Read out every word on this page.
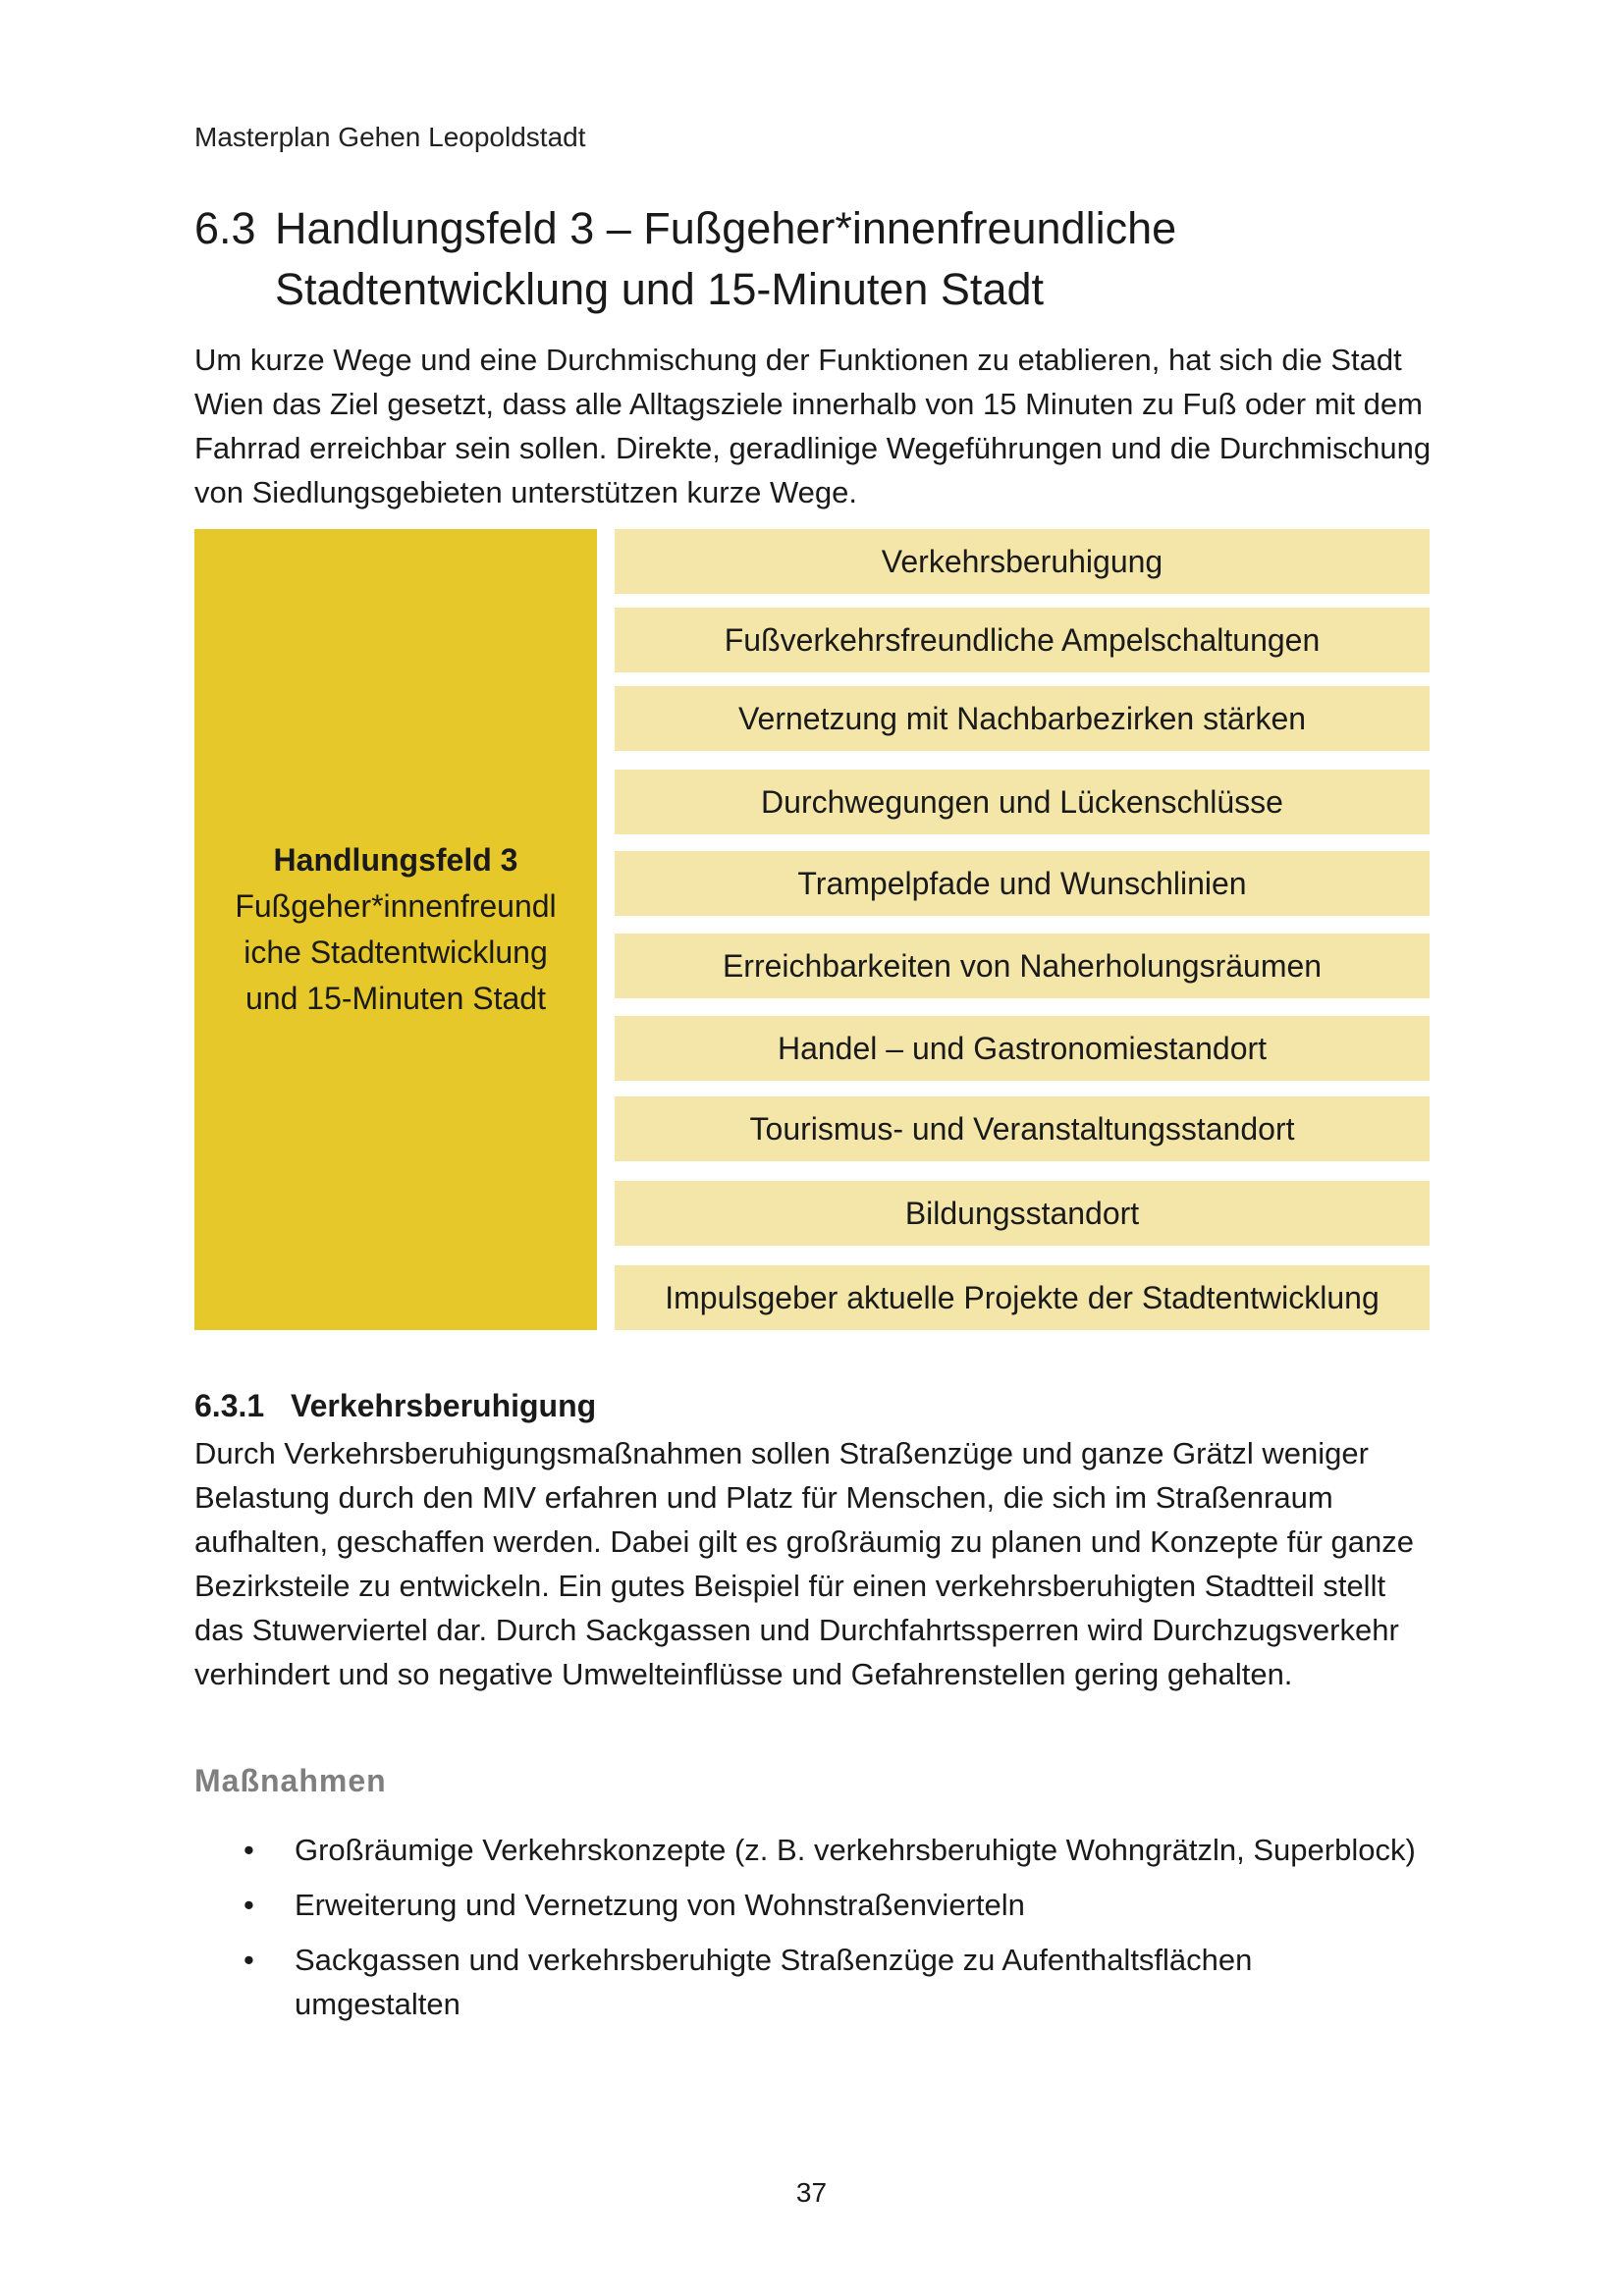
Masterplan Gehen Leopoldstadt
6.3 Handlungsfeld 3 – Fußgeher*innenfreundliche
Stadtentwicklung und 15-Minuten Stadt
Um kurze Wege und eine Durchmischung der Funktionen zu etablieren, hat sich die Stadt Wien das Ziel gesetzt, dass alle Alltagsziele innerhalb von 15 Minuten zu Fuß oder mit dem Fahrrad erreichbar sein sollen. Direkte, geradlinige Wegeführungen und die Durchmischung von Siedlungsgebieten unterstützen kurze Wege.
Handlungsfeld 3
Fußgeher*innenfreundl
iche Stadtentwicklung
und 15-Minuten Stadt
Verkehrsberuhigung
Fußverkehrsfreundliche Ampelschaltungen
Vernetzung mit Nachbarbezirken stärken
Durchwegungen und Lückenschlüsse
Trampelpfade und Wunschlinien
Erreichbarkeiten von Naherholungsräumen
Handel – und Gastronomiestandort
Tourismus- und Veranstaltungsstandort
Bildungsstandort
Impulsgeber aktuelle Projekte der Stadtentwicklung
6.3.1 Verkehrsberuhigung
Durch Verkehrsberuhigungsmaßnahmen sollen Straßenzüge und ganze Grätzl weniger Belastung durch den MIV erfahren und Platz für Menschen, die sich im Straßenraum aufhalten, geschaffen werden. Dabei gilt es großräumig zu planen und Konzepte für ganze Bezirksteile zu entwickeln. Ein gutes Beispiel für einen verkehrsberuhigten Stadtteil stellt das Stuwerviertel dar. Durch Sackgassen und Durchfahrtssperren wird Durchzugsverkehr verhindert und so negative Umwelteinflüsse und Gefahrenstellen gering gehalten.
Maßnahmen
• Großräumige Verkehrskonzepte (z. B. verkehrsberuhigte Wohngrätzln, Superblock)
• Erweiterung und Vernetzung von Wohnstraßenvierteln
• Sackgassen und verkehrsberuhigte Straßenzüge zu Aufenthaltsflächen umgestalten
37
